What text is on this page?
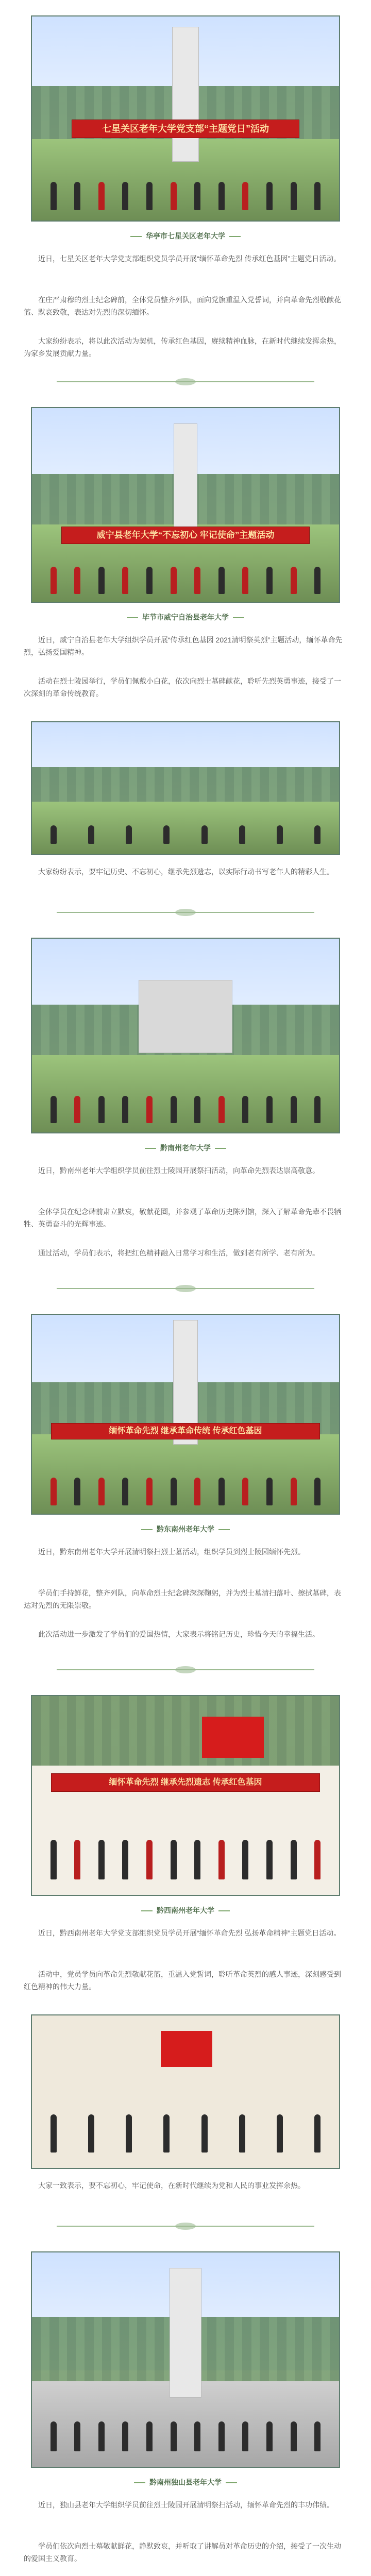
七星关区老年大学党支部“主题党日”活动
华亭市七星关区老年大学
近日，七星关区老年大学党支部组织党员学员开展“缅怀革命先烈 传承红色基因”主题党日活动。
在庄严肃穆的烈士纪念碑前，全体党员整齐列队，面向党旗重温入党誓词，并向革命先烈敬献花篮、默哀致敬，表达对先烈的深切缅怀。
大家纷纷表示，将以此次活动为契机，传承红色基因，赓续精神血脉，在新时代继续发挥余热，为家乡发展贡献力量。
威宁县老年大学“不忘初心 牢记使命”主题活动
毕节市威宁自治县老年大学
近日，威宁自治县老年大学组织学员开展“传承红色基因 2021清明祭英烈”主题活动，缅怀革命先烈，弘扬爱国精神。
活动在烈士陵园举行，学员们佩戴小白花，依次向烈士墓碑献花，聆听先烈英勇事迹，接受了一次深刻的革命传统教育。
大家纷纷表示，要牢记历史、不忘初心，继承先烈遗志，以实际行动书写老年人的精彩人生。
黔南州老年大学
近日，黔南州老年大学组织学员前往烈士陵园开展祭扫活动，向革命先烈表达崇高敬意。
全体学员在纪念碑前肃立默哀，敬献花圈，并参观了革命历史陈列馆，深入了解革命先辈不畏牺牲、英勇奋斗的光辉事迹。
通过活动，学员们表示，将把红色精神融入日常学习和生活，做到老有所学、老有所为。
缅怀革命先烈 继承革命传统 传承红色基因
黔东南州老年大学
近日，黔东南州老年大学开展清明祭扫烈士墓活动，组织学员到烈士陵园缅怀先烈。
学员们手持鲜花，整齐列队，向革命烈士纪念碑深深鞠躬，并为烈士墓清扫落叶、擦拭墓碑，表达对先烈的无限崇敬。
此次活动进一步激发了学员们的爱国热情，大家表示将铭记历史，珍惜今天的幸福生活。
缅怀革命先烈 继承先烈遗志 传承红色基因
黔西南州老年大学
近日，黔西南州老年大学党支部组织党员学员开展“缅怀革命先烈 弘扬革命精神”主题党日活动。
活动中，党员学员向革命先烈敬献花篮，重温入党誓词，聆听革命英烈的感人事迹，深刻感受到红色精神的伟大力量。
大家一致表示，要不忘初心，牢记使命，在新时代继续为党和人民的事业发挥余热。
黔南州独山县老年大学
近日，独山县老年大学组织学员前往烈士陵园开展清明祭扫活动，缅怀革命先烈的丰功伟绩。
学员们依次向烈士墓敬献鲜花，静默致哀，并听取了讲解员对革命历史的介绍，接受了一次生动的爱国主义教育。
